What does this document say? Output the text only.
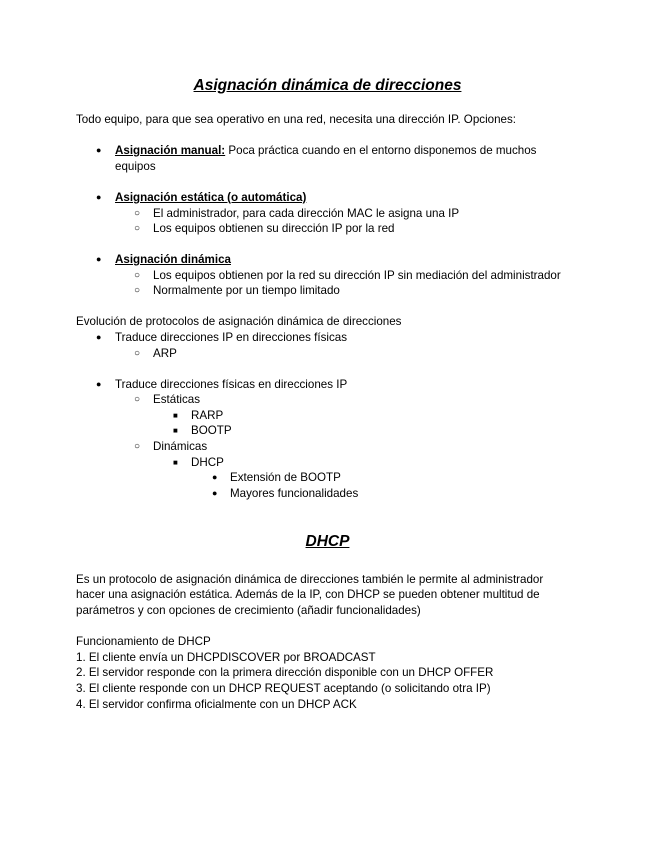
Asignación dinámica de direcciones
Todo equipo, para que sea operativo en una red, necesita una dirección IP. Opciones:
● Asignación manual: Poca práctica cuando en el entorno disponemos de muchos
equipos
● Asignación estática (o automática)
○ El administrador, para cada dirección MAC le asigna una IP
○ Los equipos obtienen su dirección IP por la red
● Asignación dinámica
○ Los equipos obtienen por la red su dirección IP sin mediación del administrador
○ Normalmente por un tiempo limitado
Evolución de protocolos de asignación dinámica de direcciones
● Traduce direcciones IP en direcciones físicas
○ ARP
● Traduce direcciones físicas en direcciones IP
○ Estáticas
■ RARP
■ BOOTP
○ Dinámicas
■ DHCP
● Extensión de BOOTP
● Mayores funcionalidades
DHCP
Es un protocolo de asignación dinámica de direcciones también le permite al administrador
hacer una asignación estática. Además de la IP, con DHCP se pueden obtener multitud de
parámetros y con opciones de crecimiento (añadir funcionalidades)
Funcionamiento de DHCP
1. El cliente envía un DHCPDISCOVER por BROADCAST
2. El servidor responde con la primera dirección disponible con un DHCP OFFER
3. El cliente responde con un DHCP REQUEST aceptando (o solicitando otra IP)
4. El servidor confirma oficialmente con un DHCP ACK
